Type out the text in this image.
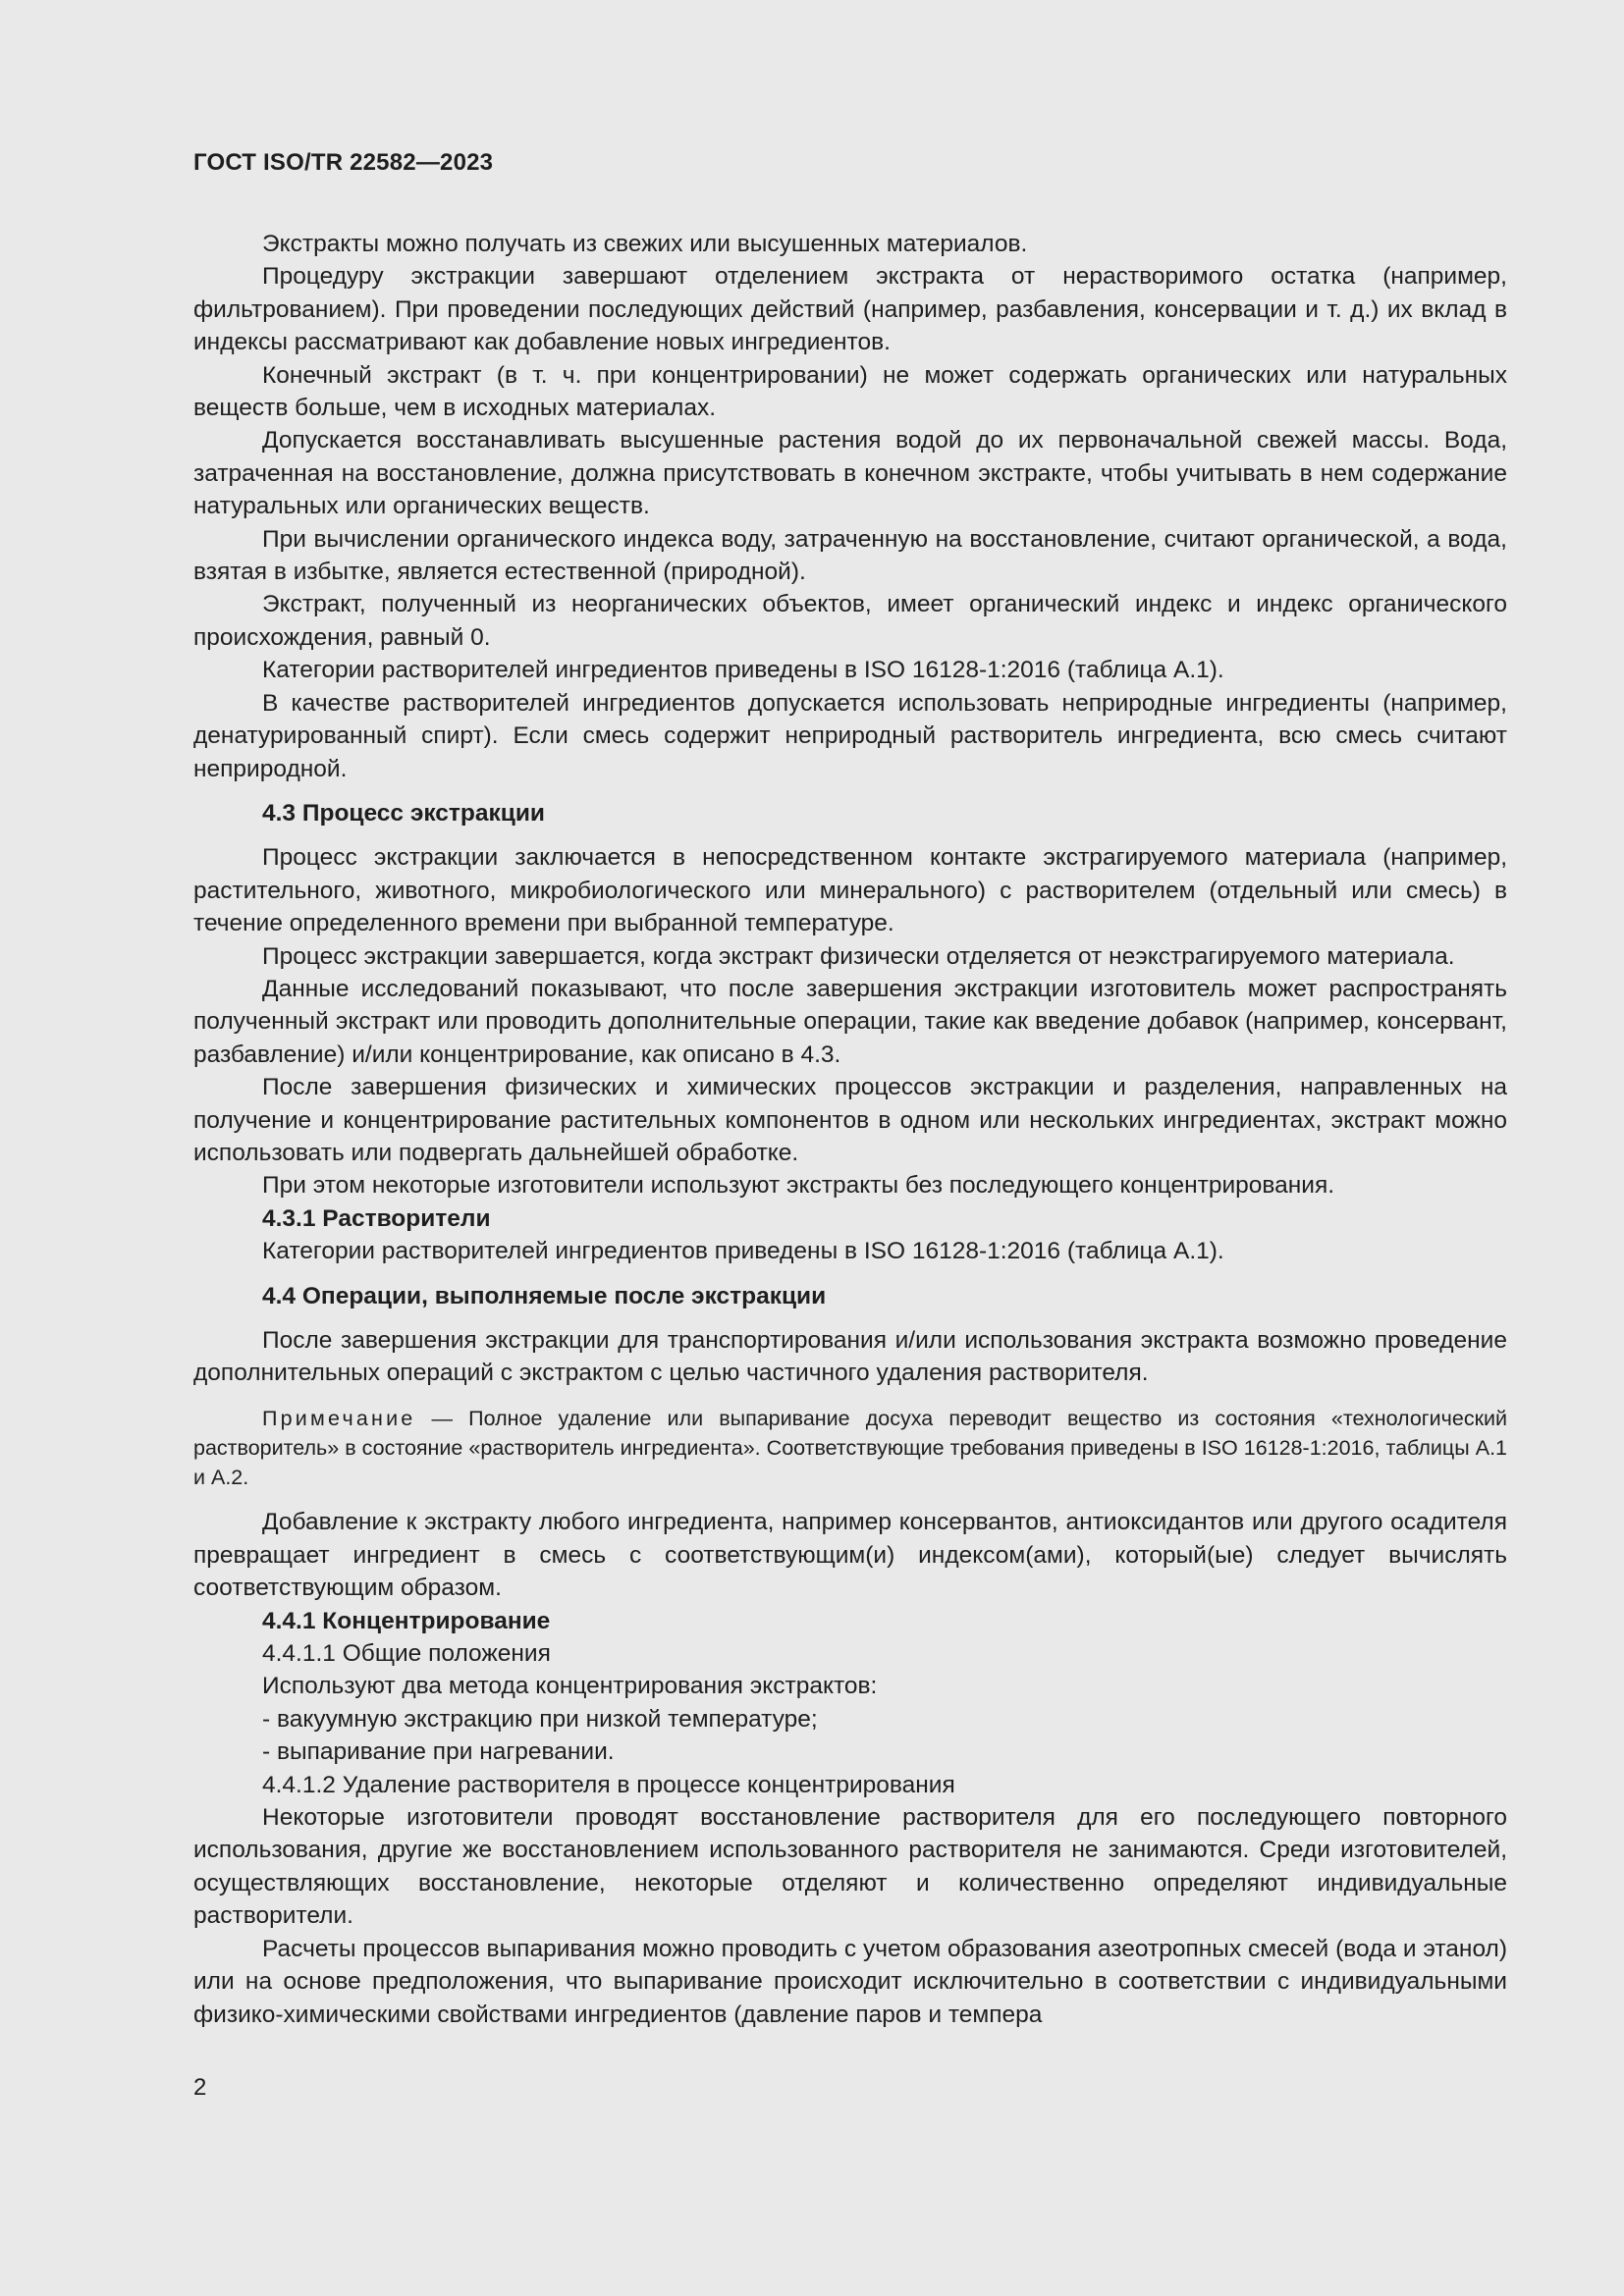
ГОСТ ISO/TR 22582—2023

Экстракты можно получать из свежих или высушенных материалов.

Процедуру экстракции завершают отделением экстракта от нерастворимого остатка (например, фильтрованием). При проведении последующих действий (например, разбавления, консервации и т. д.) их вклад в индексы рассматривают как добавление новых ингредиентов.

Конечный экстракт (в т. ч. при концентрировании) не может содержать органических или натуральных веществ больше, чем в исходных материалах.

Допускается восстанавливать высушенные растения водой до их первоначальной свежей массы. Вода, затраченная на восстановление, должна присутствовать в конечном экстракте, чтобы учитывать в нем содержание натуральных или органических веществ.

При вычислении органического индекса воду, затраченную на восстановление, считают органической, а вода, взятая в избытке, является естественной (природной).

Экстракт, полученный из неорганических объектов, имеет органический индекс и индекс органического происхождения, равный 0.

Категории растворителей ингредиентов приведены в ISO 16128-1:2016 (таблица А.1).

В качестве растворителей ингредиентов допускается использовать неприродные ингредиенты (например, денатурированный спирт). Если смесь содержит неприродный растворитель ингредиента, всю смесь считают неприродной.

4.3 Процесс экстракции

Процесс экстракции заключается в непосредственном контакте экстрагируемого материала (например, растительного, животного, микробиологического или минерального) с растворителем (отдельный или смесь) в течение определенного времени при выбранной температуре.

Процесс экстракции завершается, когда экстракт физически отделяется от неэкстрагируемого материала.

Данные исследований показывают, что после завершения экстракции изготовитель может распространять полученный экстракт или проводить дополнительные операции, такие как введение добавок (например, консервант, разбавление) и/или концентрирование, как описано в 4.3.

После завершения физических и химических процессов экстракции и разделения, направленных на получение и концентрирование растительных компонентов в одном или нескольких ингредиентах, экстракт можно использовать или подвергать дальнейшей обработке.

При этом некоторые изготовители используют экстракты без последующего концентрирования.

4.3.1 Растворители

Категории растворителей ингредиентов приведены в ISO 16128-1:2016 (таблица А.1).

4.4 Операции, выполняемые после экстракции

После завершения экстракции для транспортирования и/или использования экстракта возможно проведение дополнительных операций с экстрактом с целью частичного удаления растворителя.

Примечание — Полное удаление или выпаривание досуха переводит вещество из состояния «технологический растворитель» в состояние «растворитель ингредиента». Соответствующие требования приведены в ISO 16128-1:2016, таблицы А.1 и А.2.

Добавление к экстракту любого ингредиента, например консервантов, антиоксидантов или другого осадителя превращает ингредиент в смесь с соответствующим(и) индексом(ами), который(ые) следует вычислять соответствующим образом.

4.4.1 Концентрирование

4.4.1.1 Общие положения

Используют два метода концентрирования экстрактов:

- вакуумную экстракцию при низкой температуре;

- выпаривание при нагревании.

4.4.1.2 Удаление растворителя в процессе концентрирования

Некоторые изготовители проводят восстановление растворителя для его последующего повторного использования, другие же восстановлением использованного растворителя не занимаются. Среди изготовителей, осуществляющих восстановление, некоторые отделяют и количественно определяют индивидуальные растворители.

Расчеты процессов выпаривания можно проводить с учетом образования азеотропных смесей (вода и этанол) или на основе предположения, что выпаривание происходит исключительно в соответствии с индивидуальными физико-химическими свойствами ингредиентов (давление паров и темпера

2
